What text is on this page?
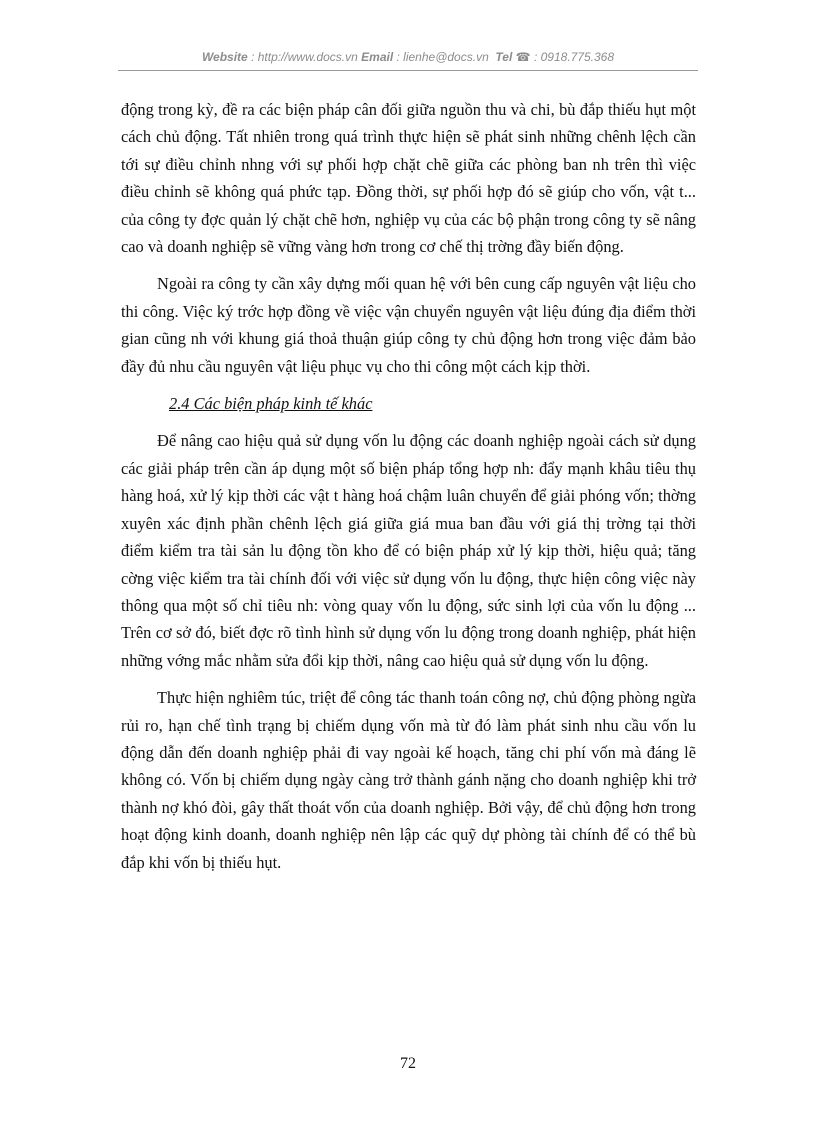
Website : http://www.docs.vn Email : lienhe@docs.vn Tel ☎ : 0918.775.368

động trong kỳ, đề ra các biện pháp cân đối giữa nguồn thu và chi, bù đắp thiếu hụt một cách chủ động. Tất nhiên trong quá trình thực hiện sẽ phát sinh những chênh lệch cần tới sự điều chỉnh nhng với sự phối hợp chặt chẽ giữa các phòng ban nh trên thì việc điều chỉnh sẽ không quá phức tạp. Đồng thời, sự phối hợp đó sẽ giúp cho vốn, vật t... của công ty đợc quản lý chặt chẽ hơn, nghiệp vụ của các bộ phận trong công ty sẽ nâng cao và doanh nghiệp sẽ vững vàng hơn trong cơ chế thị trờng đầy biến động.

Ngoài ra công ty cần xây dựng mối quan hệ với bên cung cấp nguyên vật liệu cho thi công. Việc ký trớc hợp đồng về việc vận chuyển nguyên vật liệu đúng địa điểm thời gian cũng nh với khung giá thoả thuận giúp công ty chủ động hơn trong việc đảm bảo đầy đủ nhu cầu nguyên vật liệu phục vụ cho thi công một cách kịp thời.

2.4 Các biện pháp kinh tế khác

Để nâng cao hiệu quả sử dụng vốn lu động các doanh nghiệp ngoài cách sử dụng các giải pháp trên cần áp dụng một số biện pháp tổng hợp nh: đẩy mạnh khâu tiêu thụ hàng hoá, xử lý kịp thời các vật t hàng hoá chậm luân chuyển để giải phóng vốn; thờng xuyên xác định phần chênh lệch giá giữa giá mua ban đầu với giá thị trờng tại thời điểm kiểm tra tài sản lu động tồn kho để có biện pháp xử lý kịp thời, hiệu quả; tăng cờng việc kiểm tra tài chính đối với việc sử dụng vốn lu động, thực hiện công việc này thông qua một số chỉ tiêu nh: vòng quay vốn lu động, sức sinh lợi của vốn lu động ... Trên cơ sở đó, biết đợc rõ tình hình sử dụng vốn lu động trong doanh nghiệp, phát hiện những vớng mắc nhằm sửa đổi kịp thời, nâng cao hiệu quả sử dụng vốn lu động.

Thực hiện nghiêm túc, triệt để công tác thanh toán công nợ, chủ động phòng ngừa rủi ro, hạn chế tình trạng bị chiếm dụng vốn mà từ đó làm phát sinh nhu cầu vốn lu động dẫn đến doanh nghiệp phải đi vay ngoài kế hoạch, tăng chi phí vốn mà đáng lẽ không có. Vốn bị chiếm dụng ngày càng trở thành gánh nặng cho doanh nghiệp khi trở thành nợ khó đòi, gây thất thoát vốn của doanh nghiệp. Bởi vậy, để chủ động hơn trong hoạt động kinh doanh, doanh nghiệp nên lập các quỹ dự phòng tài chính để có thể bù đắp khi vốn bị thiếu hụt.

72
